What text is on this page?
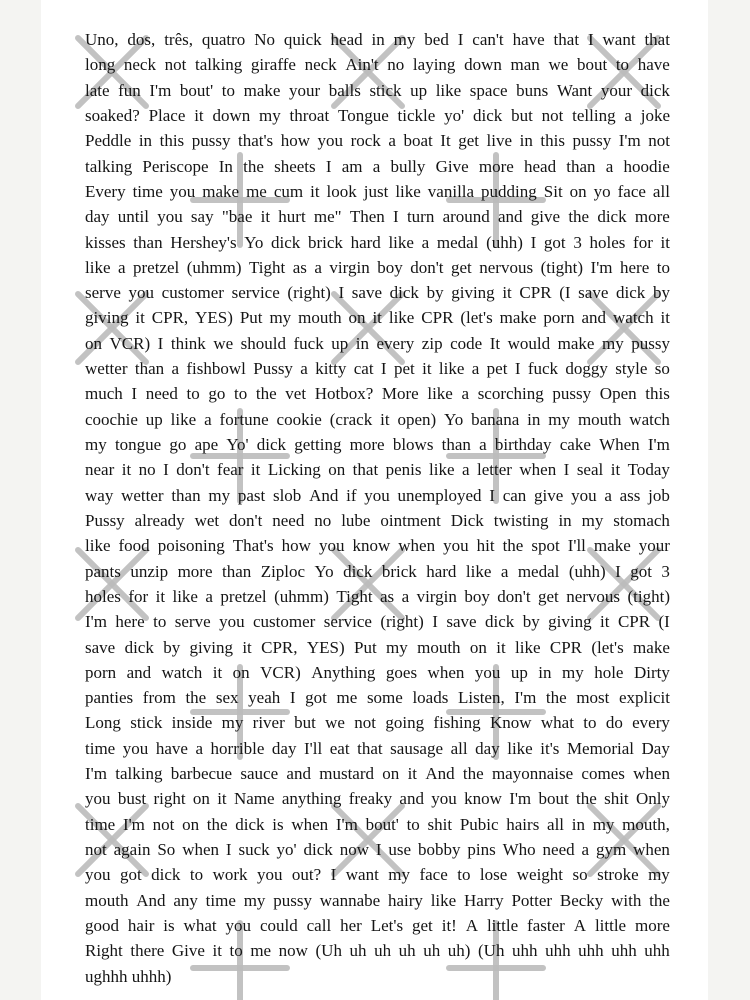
Uno, dos, três, quatro No quick head in my bed I can't have that I want that
long neck not talking giraffe neck Ain't no laying down man we bout to have
late fun I'm bout' to make your balls stick up like space buns Want your dick
soaked? Place it down my throat Tongue tickle yo' dick but not telling a joke
Peddle in this pussy that's how you rock a boat It get live in this pussy I'm not
talking Periscope In the sheets I am a bully Give more head than a hoodie
Every time you make me cum it look just like vanilla pudding Sit on yo face all
day until you say "bae it hurt me" Then I turn around and give the dick more
kisses than Hershey's Yo dick brick hard like a medal (uhh) I got 3 holes for it
like a pretzel (uhmm) Tight as a virgin boy don't get nervous (tight) I'm here to
serve you customer service (right) I save dick by giving it CPR (I save dick by
giving it CPR, YES) Put my mouth on it like CPR (let's make porn and watch it
on VCR) I think we should fuck up in every zip code It would make my pussy
wetter than a fishbowl Pussy a kitty cat I pet it like a pet I fuck doggy style so
much I need to go to the vet Hotbox? More like a scorching pussy Open this
coochie up like a fortune cookie (crack it open) Yo banana in my mouth watch
my tongue go ape Yo' dick getting more blows than a birthday cake When I'm
near it no I don't fear it Licking on that penis like a letter when I seal it Today
way wetter than my past slob And if you unemployed I can give you a ass job
Pussy already wet don't need no lube ointment Dick twisting in my stomach
like food poisoning That's how you know when you hit the spot I'll make your
pants unzip more than Ziploc Yo dick brick hard like a medal (uhh) I got 3
holes for it like a pretzel (uhmm) Tight as a virgin boy don't get nervous (tight)
I'm here to serve you customer service (right) I save dick by giving it CPR (I
save dick by giving it CPR, YES) Put my mouth on it like CPR (let's make
porn and watch it on VCR) Anything goes when you up in my hole Dirty
panties from the sex yeah I got me some loads Listen, I'm the most explicit
Long stick inside my river but we not going fishing Know what to do every
time you have a horrible day I'll eat that sausage all day like it's Memorial Day
I'm talking barbecue sauce and mustard on it And the mayonnaise comes when
you bust right on it Name anything freaky and you know I'm bout the shit Only
time I'm not on the dick is when I'm bout' to shit Pubic hairs all in my mouth,
not again So when I suck yo' dick now I use bobby pins Who need a gym when
you got dick to work you out? I want my face to lose weight so stroke my
mouth And any time my pussy wannabe hairy like Harry Potter Becky with the
good hair is what you could call her Let's get it! A little faster A little more
Right there Give it to me now (Uh uh uh uh uh uh) (Uh uhh uhh uhh uhh uhh
ughhh uhhh)
